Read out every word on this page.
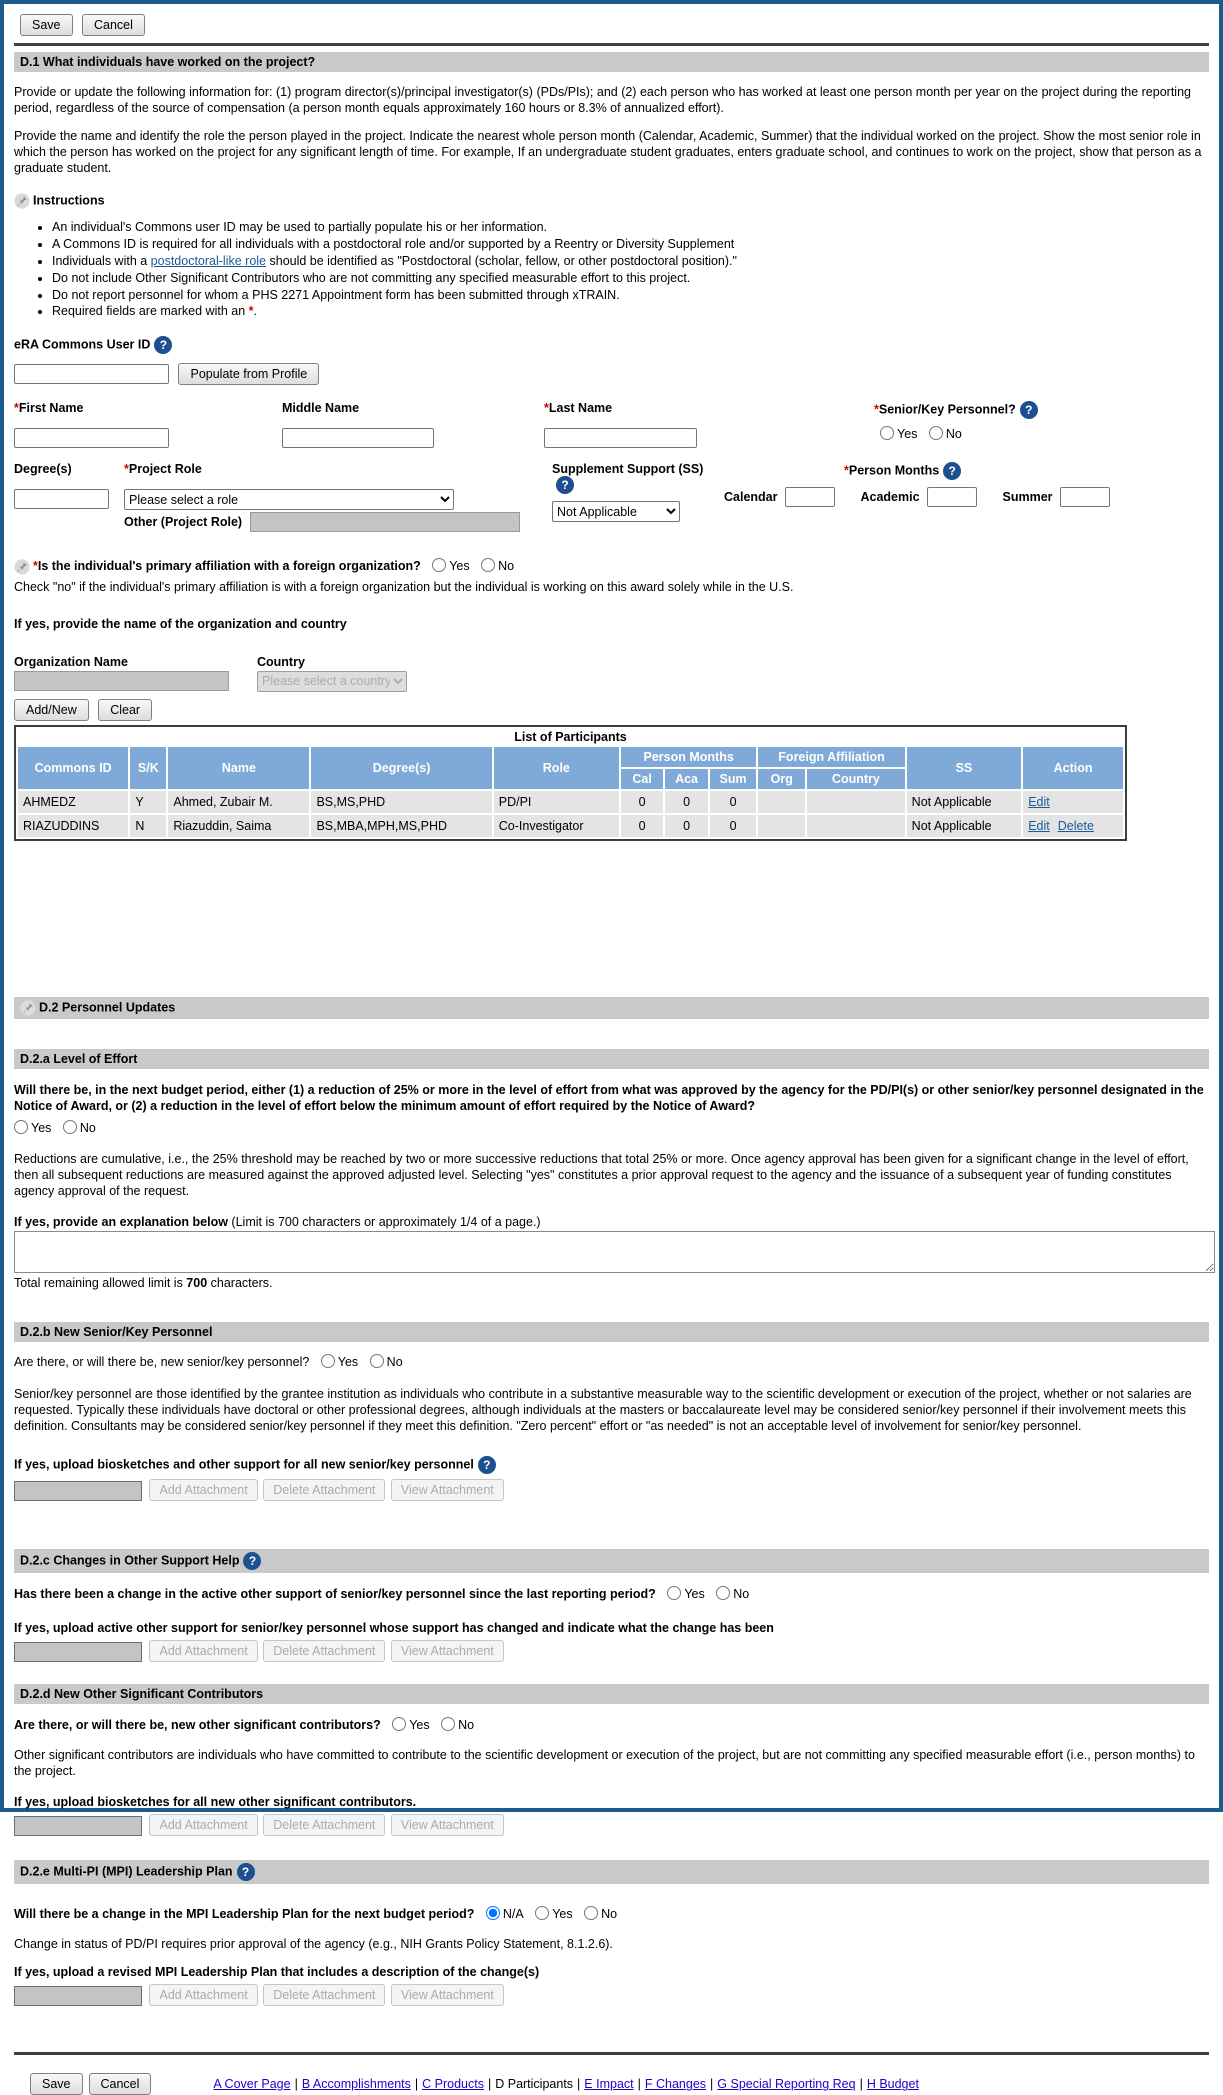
Save	Cancel
D.1 What individuals have worked on the project?

Provide or update the following information for: (1) program director(s)/principal investigator(s) (PDs/PIs); and (2) each person who has worked at least one person month per year on the project during the reporting period, regardless of the source of compensation (a person month equals approximately 160 hours or 8.3% of annualized effort).

Provide the name and identify the role the person played in the project. Indicate the nearest whole person month (Calendar, Academic, Summer) that the individual worked on the project. Show the most senior role in which the person has worked on the project for any significant length of time. For example, If an undergraduate student graduates, enters graduate school, and continues to work on the project, show that person as a graduate student.

Instructions
• An individual's Commons user ID may be used to partially populate his or her information.
• A Commons ID is required for all individuals with a postdoctoral role and/or supported by a Reentry or Diversity Supplement
• Individuals with a postdoctoral-like role should be identified as "Postdoctoral (scholar, fellow, or other postdoctoral position)."
• Do not include Other Significant Contributors who are not committing any specified measurable effort to this project.
• Do not report personnel for whom a PHS 2271 Appointment form has been submitted through xTRAIN.
• Required fields are marked with an *.
eRA Commons User ID ?
Populate from Profile
*First Name	Middle Name	*Last Name	*Senior/Key Personnel? ?
Yes No
Degree(s)	*Project Role
Please select a role
Other (Project Role)
Supplement Support (SS)?
Not Applicable
*Person Months ?
Calendar	Academic	Summer
*Is the individual's primary affiliation with a foreign organization? Yes No
Check "no" if the individual's primary affiliation is with a foreign organization but the individual is working on this award solely while in the U.S.
If yes, provide the name of the organization and country
Organization Name	Country
Please select a country
Add/New	Clear
List of Participants											
Commons ID	S/K	Name	Degree(s)	Role	Person Months			Foreign Affiliation		SS	Action
					Cal	Aca	Sum	Org	Country		
AHMEDZ	Y	Ahmed, Zubair M.	BS,MS,PHD	PD/PI	0	0	0			Not Applicable	Edit
RIAZUDDINS	N	Riazuddin, Saima	BS,MBA,MPH,MS,PHD	Co-Investigator	0	0	0			Not Applicable	Edit Delete
D.2 Personnel Updates
D.2.a Level of Effort
Will there be, in the next budget period, either (1) a reduction of 25% or more in the level of effort from what was approved by the agency for the PD/PI(s) or other senior/key personnel designated in the Notice of Award, or (2) a reduction in the level of effort below the minimum amount of effort required by the Notice of Award?
Yes No

Reductions are cumulative, i.e., the 25% threshold may be reached by two or more successive reductions that total 25% or more. Once agency approval has been given for a significant change in the level of effort, then all subsequent reductions are measured against the approved adjusted level. Selecting "yes" constitutes a prior approval request to the agency and the issuance of a subsequent year of funding constitutes agency approval of the request.

If yes, provide an explanation below (Limit is 700 characters or approximately 1/4 of a page.)
Total remaining allowed limit is 700 characters.
D.2.b New Senior/Key Personnel
Are there, or will there be, new senior/key personnel? Yes No

Senior/key personnel are those identified by the grantee institution as individuals who contribute in a substantive measurable way to the scientific development or execution of the project, whether or not salaries are requested. Typically these individuals have doctoral or other professional degrees, although individuals at the masters or baccalaureate level may be considered senior/key personnel if their involvement meets this definition. Consultants may be considered senior/key personnel if they meet this definition. "Zero percent" effort or "as needed" is not an acceptable level of involvement for senior/key personnel.

If yes, upload biosketches and other support for all new senior/key personnel ?
Add Attachment Delete Attachment View Attachment
D.2.c Changes in Other Support Help ?
Has there been a change in the active other support of senior/key personnel since the last reporting period? Yes No
If yes, upload active other support for senior/key personnel whose support has changed and indicate what the change has been
Add Attachment Delete Attachment View Attachment
D.2.d New Other Significant Contributors
Are there, or will there be, new other significant contributors? Yes No

Other significant contributors are individuals who have committed to contribute to the scientific development or execution of the project, but are not committing any specified measurable effort (i.e., person months) to the project.

If yes, upload biosketches for all new other significant contributors.
Add Attachment Delete Attachment View Attachment
D.2.e Multi-PI (MPI) Leadership Plan ?
Will there be a change in the MPI Leadership Plan for the next budget period? N/A Yes No
Change in status of PD/PI requires prior approval of the agency (e.g., NIH Grants Policy Statement, 8.1.2.6).
If yes, upload a revised MPI Leadership Plan that includes a description of the change(s)
Add Attachment Delete Attachment View Attachment
Save	Cancel	A Cover Page | B Accomplishments | C Products | D Participants | E Impact | F Changes | G Special Reporting Req | H Budget
